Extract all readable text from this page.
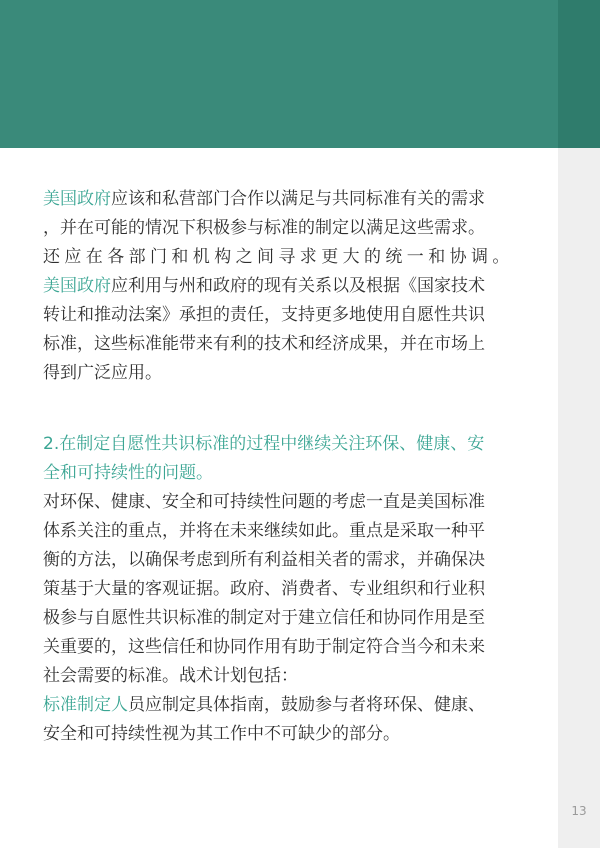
13
美国政府应该和私营部门合作以满足与共同标准有关的需求
，并在可能的情况下积极参与标准的制定以满足这些需求。
还应在各部门和机构之间寻求更大的统一和协调。
美国政府应利用与州和政府的现有关系以及根据《国家技术
转让和推动法案》承担的责任，支持更多地使用自愿性共识
标准，这些标准能带来有利的技术和经济成果，并在市场上
得到广泛应用。
2.在制定自愿性共识标准的过程中继续关注环保、健康、安
全和可持续性的问题。
对环保、健康、安全和可持续性问题的考虑一直是美国标准
体系关注的重点，并将在未来继续如此。重点是采取一种平
衡的方法，以确保考虑到所有利益相关者的需求，并确保决
策基于大量的客观证据。政府、消费者、专业组织和行业积
极参与自愿性共识标准的制定对于建立信任和协同作用是至
关重要的，这些信任和协同作用有助于制定符合当今和未来
社会需要的标准。战术计划包括：
标准制定人员应制定具体指南，鼓励参与者将环保、健康、
安全和可持续性视为其工作中不可缺少的部分。
